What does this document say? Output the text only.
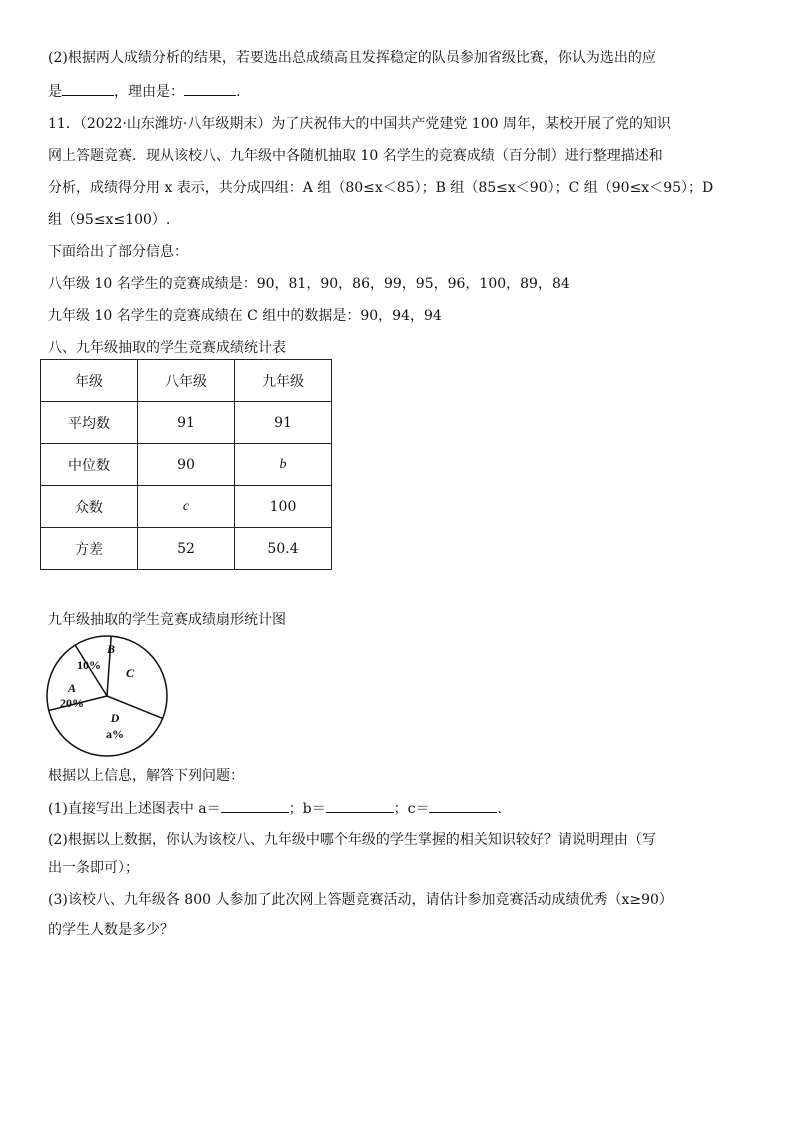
(2)根据两人成绩分析的结果，若要选出总成绩高且发挥稳定的队员参加省级比赛，你认为选出的应

是	，理由是：	.

11．（2022·山东潍坊·八年级期末）为了庆祝伟大的中国共产党建党 100 周年，某校开展了党的知识

网上答题竞赛．现从该校八、九年级中各随机抽取 10 名学生的竞赛成绩（百分制）进行整理描述和

分析，成绩得分用 x 表示，共分成四组：A 组（80≤x＜85）；B 组（85≤x＜90）；C 组（90≤x＜95）；D

组（95≤x≤100）.

下面给出了部分信息：

八年级 10 名学生的竞赛成绩是：90，81，90，86，99，95，96，100，89，84

九年级 10 名学生的竞赛成绩在 C 组中的数据是：90，94，94

八、九年级抽取的学生竞赛成绩统计表

年级	八年级	九年级
平均数	91	91
中位数	90	b
众数	c	100
方差	52	50.4

九年级抽取的学生竞赛成绩扇形统计图

B
10%
C
A
20%
D
a%

根据以上信息，解答下列问题：

(1)直接写出上述图表中 a＝	；b＝	；c＝	.

(2)根据以上数据，你认为该校八、九年级中哪个年级的学生掌握的相关知识较好？请说明理由（写

出一条即可）；

(3)该校八、九年级各 800 人参加了此次网上答题竞赛活动，请估计参加竞赛活动成绩优秀（x≥90）

的学生人数是多少？
